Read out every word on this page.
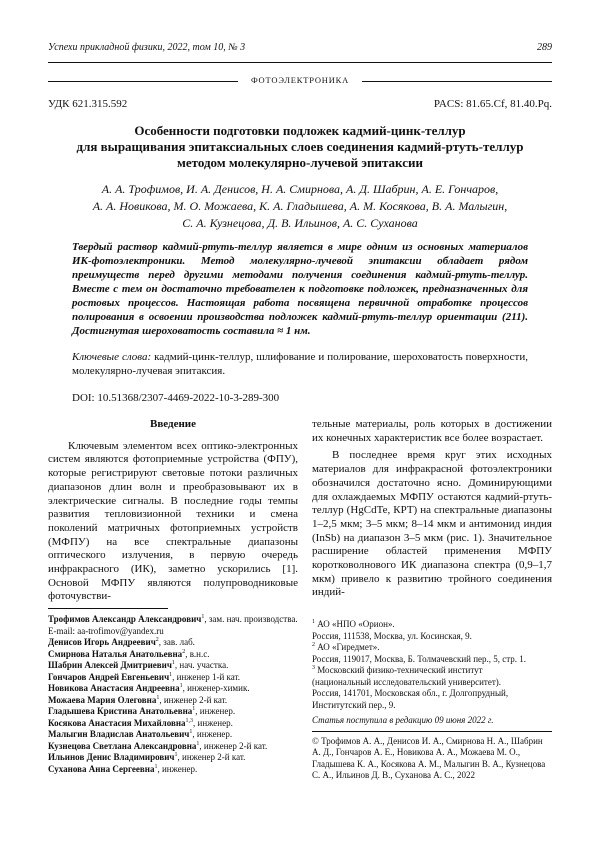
Успехи прикладной физики, 2022, том 10, № 3	289
ФОТОЭЛЕКТРОНИКА
УДК 621.315.592	PACS: 81.65.Cf, 81.40.Pq.
Особенности подготовки подложек кадмий-цинк-теллур
для выращивания эпитаксиальных слоев соединения кадмий-ртуть-теллур
методом молекулярно-лучевой эпитаксии
А. А. Трофимов, И. А. Денисов, Н. А. Смирнова, А. Д. Шабрин, А. Е. Гончаров,
А. А. Новикова, М. О. Можаева, К. А. Гладышева, А. М. Косякова, В. А. Малыгин,
С. А. Кузнецова, Д. В. Ильинов, А. С. Суханова
Твердый раствор кадмий-ртуть-теллур является в мире одним из основных материалов ИК-фотоэлектроники. Метод молекулярно-лучевой эпитаксии обладает рядом преимуществ перед другими методами получения соединения кадмий-ртуть-теллур. Вместе с тем он достаточно требователен к подготовке подложек, предназначенных для ростовых процессов. Настоящая работа посвящена первичной отработке процессов полирования в освоении производства подложек кадмий-ртуть-теллур ориентации (211). Достигнутая шероховатость составила ≈ 1 нм.
Ключевые слова: кадмий-цинк-теллур, шлифование и полирование, шероховатость поверхности, молекулярно-лучевая эпитаксия.
DOI: 10.51368/2307-4469-2022-10-3-289-300
Введение

Ключевым элементом всех оптико-электронных систем являются фотоприемные устройства (ФПУ), которые регистрируют световые потоки различных диапазонов длин волн и преобразовывают их в электрические сигналы. В последние годы темпы развития тепловизионной техники и смена поколений матричных фотоприемных устройств (МФПУ) на все спектральные диапазоны оптического излучения, в первую очередь инфракрасного (ИК), заметно ускорились [1]. Основой МФПУ являются полупроводниковые фоточувстви-

тельные материалы, роль которых в достижении их конечных характеристик все более возрастает.

В последнее время круг этих исходных материалов для инфракрасной фотоэлектроники обозначился достаточно ясно. Доминирующими для охлаждаемых МФПУ остаются кадмий-ртуть-теллур (HgCdTe, КРТ) на спектральные диапазоны 1–2,5 мкм; 3–5 мкм; 8–14 мкм и антимонид индия (InSb) на диапазон 3–5 мкм (рис. 1). Значительное расширение областей применения МФПУ коротковолнового ИК диапазона спектра (0,9–1,7 мкм) привело к развитию тройного соединения индий-

Трофимов Александр Александрович$^1$, зам. нач. производства.
E-mail: aa-trofimov@yandex.ru
Денисов Игорь Андреевич$^2$, зав. лаб.
Смирнова Наталья Анатольевна$^2$, в.н.с.
Шабрин Алексей Дмитриевич$^1$, нач. участка.
Гончаров Андрей Евгеньевич$^1$, инженер 1-й кат.
Новикова Анастасия Андреевна$^1$, инженер-химик.
Можаева Мария Олеговна$^1$, инженер 2-й кат.
Гладышева Кристина Анатольевна$^1$, инженер.
Косякова Анастасия Михайловна$^{1,3}$, инженер.
Малыгин Владислав Анатольевич$^1$, инженер.
Кузнецова Светлана Александровна$^1$, инженер 2-й кат.
Ильинов Денис Владимирович$^1$, инженер 2-й кат.
Суханова Анна Сергеевна$^1$, инженер.
$^1$ АО «НПО «Орион».
Россия, 111538, Москва, ул. Косинская, 9.
$^2$ АО «Гиредмет».
Россия, 119017, Москва, Б. Толмачевский пер., 5, стр. 1.
$^3$ Московский физико-технический институт
(национальный исследовательский университет).
Россия, 141701, Московская обл., г. Долгопрудный, Институтский пер., 9.
Статья поступила в редакцию 09 июня 2022 г.
© Трофимов А. А., Денисов И. А., Смирнова Н. А., Шабрин А. Д., Гончаров А. Е., Новикова А. А., Можаева М. О., Гладышева К. А., Косякова А. М., Малыгин В. А., Кузнецова С. А., Ильинов Д. В., Суханова А. С., 2022
